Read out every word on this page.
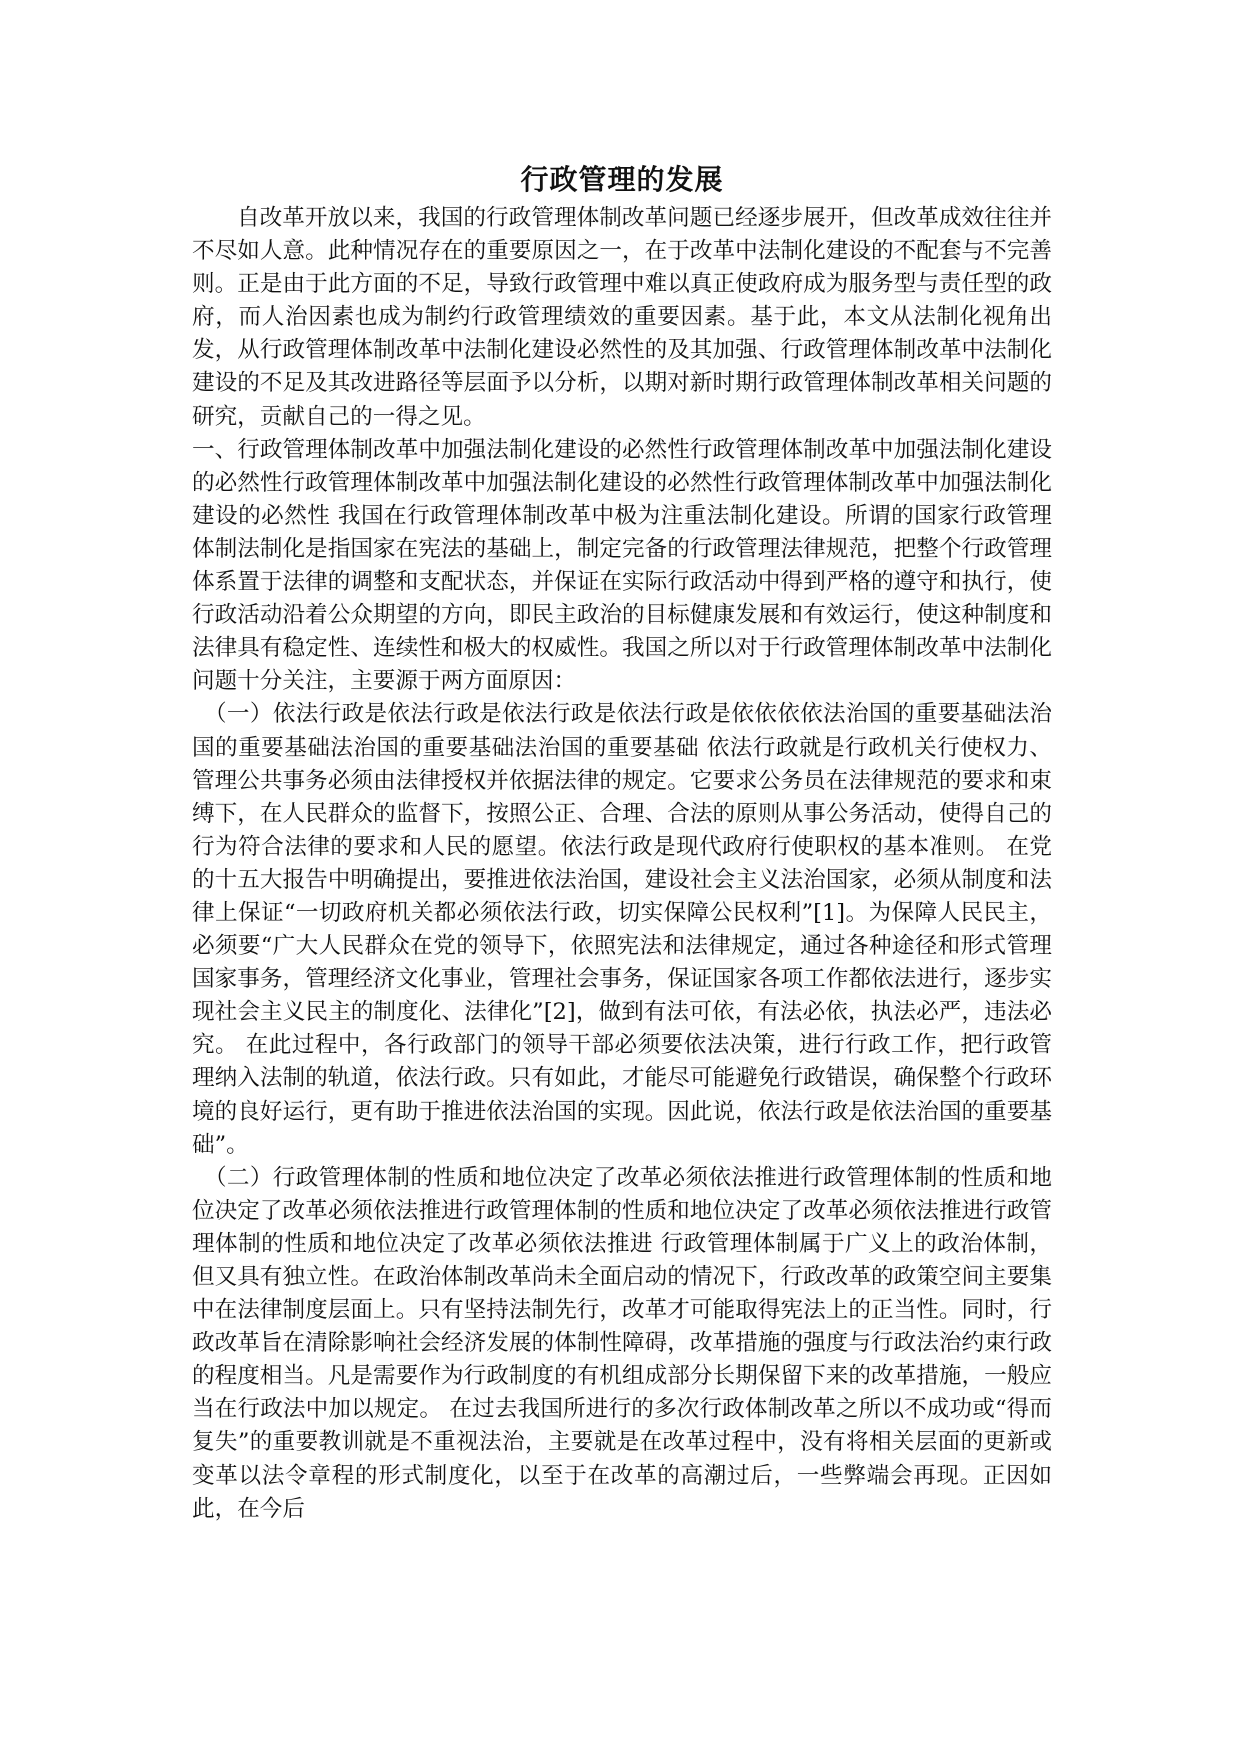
行政管理的发展

自改革开放以来，我国的行政管理体制改革问题已经逐步展开，但改革成效往往并不尽如人意。此种情况存在的重要原因之一，在于改革中法制化建设的不配套与不完善则。正是由于此方面的不足，导致行政管理中难以真正使政府成为服务型与责任型的政府，而人治因素也成为制约行政管理绩效的重要因素。基于此，本文从法制化视角出发，从行政管理体制改革中法制化建设必然性的及其加强、行政管理体制改革中法制化建设的不足及其改进路径等层面予以分析，以期对新时期行政管理体制改革相关问题的研究，贡献自己的一得之见。

一、行政管理体制改革中加强法制化建设的必然性行政管理体制改革中加强法制化建设的必然性行政管理体制改革中加强法制化建设的必然性行政管理体制改革中加强法制化建设的必然性 我国在行政管理体制改革中极为注重法制化建设。所谓的国家行政管理体制法制化是指国家在宪法的基础上，制定完备的行政管理法律规范，把整个行政管理体系置于法律的调整和支配状态，并保证在实际行政活动中得到严格的遵守和执行，使行政活动沿着公众期望的方向，即民主政治的目标健康发展和有效运行，使这种制度和法律具有稳定性、连续性和极大的权威性。我国之所以对于行政管理体制改革中法制化问题十分关注，主要源于两方面原因：

（一）依法行政是依法行政是依法行政是依法行政是依依依依法治国的重要基础法治国的重要基础法治国的重要基础法治国的重要基础 依法行政就是行政机关行使权力、管理公共事务必须由法律授权并依据法律的规定。它要求公务员在法律规范的要求和束缚下，在人民群众的监督下，按照公正、合理、合法的原则从事公务活动，使得自己的行为符合法律的要求和人民的愿望。依法行政是现代政府行使职权的基本准则。 在党的十五大报告中明确提出，要推进依法治国，建设社会主义法治国家，必须从制度和法律上保证“一切政府机关都必须依法行政，切实保障公民权利”[1]。为保障人民民主，必须要“广大人民群众在党的领导下，依照宪法和法律规定，通过各种途径和形式管理国家事务，管理经济文化事业，管理社会事务，保证国家各项工作都依法进行，逐步实现社会主义民主的制度化、法律化”[2]，做到有法可依，有法必依，执法必严，违法必究。 在此过程中，各行政部门的领导干部必须要依法决策，进行行政工作，把行政管理纳入法制的轨道，依法行政。只有如此，才能尽可能避免行政错误，确保整个行政环境的良好运行，更有助于推进依法治国的实现。因此说，依法行政是依法治国的重要基础”。

（二）行政管理体制的性质和地位决定了改革必须依法推进行政管理体制的性质和地位决定了改革必须依法推进行政管理体制的性质和地位决定了改革必须依法推进行政管理体制的性质和地位决定了改革必须依法推进 行政管理体制属于广义上的政治体制，但又具有独立性。在政治体制改革尚未全面启动的情况下，行政改革的政策空间主要集中在法律制度层面上。只有坚持法制先行，改革才可能取得宪法上的正当性。同时，行政改革旨在清除影响社会经济发展的体制性障碍，改革措施的强度与行政法治约束行政的程度相当。凡是需要作为行政制度的有机组成部分长期保留下来的改革措施，一般应当在行政法中加以规定。 在过去我国所进行的多次行政体制改革之所以不成功或“得而复失”的重要教训就是不重视法治，主要就是在改革过程中，没有将相关层面的更新或变革以法令章程的形式制度化，以至于在改革的高潮过后，一些弊端会再现。正因如此，在今后
